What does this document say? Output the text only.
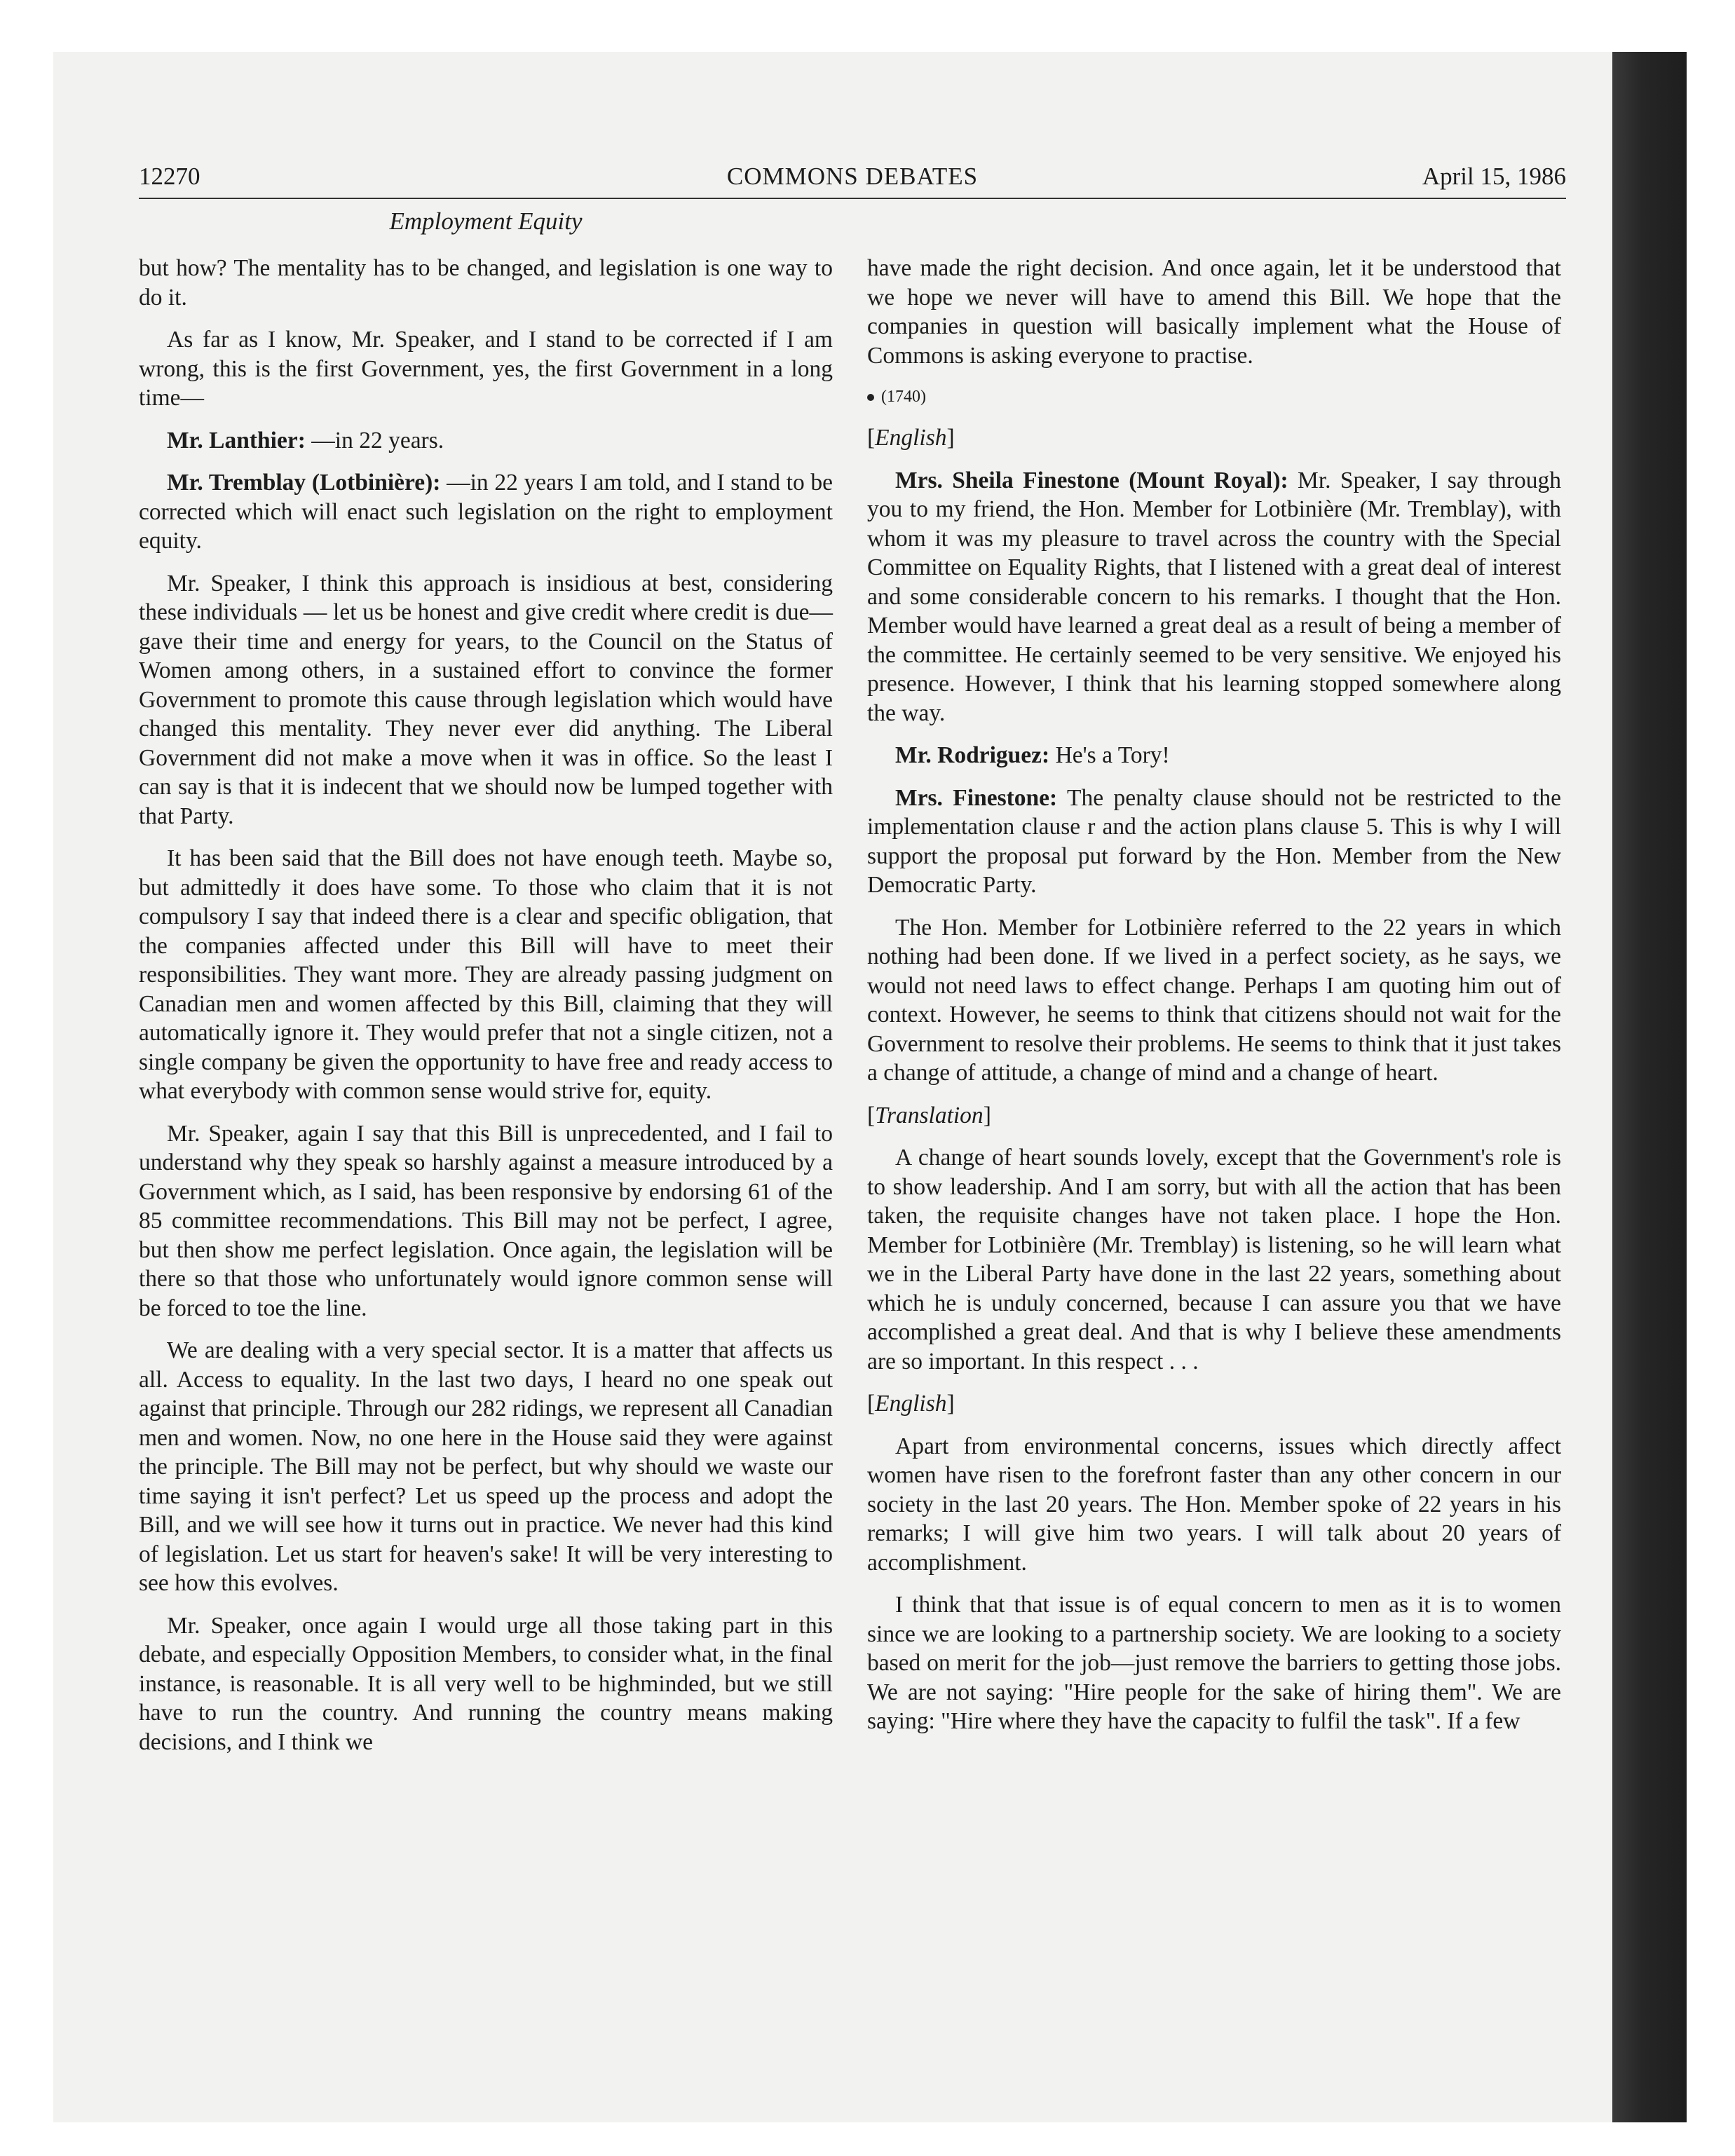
12270	COMMONS DEBATES	April 15, 1986
Employment Equity

but how? The mentality has to be changed, and legislation is one way to do it.

As far as I know, Mr. Speaker, and I stand to be corrected if I am wrong, this is the first Government, yes, the first Government in a long time—

Mr. Lanthier: —in 22 years.

Mr. Tremblay (Lotbinière): —in 22 years I am told, and I stand to be corrected which will enact such legislation on the right to employment equity.

Mr. Speaker, I think this approach is insidious at best, considering these individuals — let us be honest and give credit where credit is due— gave their time and energy for years, to the Council on the Status of Women among others, in a sustained effort to convince the former Government to promote this cause through legislation which would have changed this mentality. They never ever did anything. The Liberal Government did not make a move when it was in office. So the least I can say is that it is indecent that we should now be lumped together with that Party.

It has been said that the Bill does not have enough teeth. Maybe so, but admittedly it does have some. To those who claim that it is not compulsory I say that indeed there is a clear and specific obligation, that the companies affected under this Bill will have to meet their responsibilities. They want more. They are already passing judgment on Canadian men and women affected by this Bill, claiming that they will automatically ignore it. They would prefer that not a single citizen, not a single company be given the opportunity to have free and ready access to what everybody with common sense would strive for, equity.

Mr. Speaker, again I say that this Bill is unprecedented, and I fail to understand why they speak so harshly against a measure introduced by a Government which, as I said, has been responsive by endorsing 61 of the 85 committee recommendations. This Bill may not be perfect, I agree, but then show me perfect legislation. Once again, the legislation will be there so that those who unfortunately would ignore common sense will be forced to toe the line.

We are dealing with a very special sector. It is a matter that affects us all. Access to equality. In the last two days, I heard no one speak out against that principle. Through our 282 ridings, we represent all Canadian men and women. Now, no one here in the House said they were against the principle. The Bill may not be perfect, but why should we waste our time saying it isn't perfect? Let us speed up the process and adopt the Bill, and we will see how it turns out in practice. We never had this kind of legislation. Let us start for heaven's sake! It will be very interesting to see how this evolves.

Mr. Speaker, once again I would urge all those taking part in this debate, and especially Opposition Members, to consider what, in the final instance, is reasonable. It is all very well to be highminded, but we still have to run the country. And running the country means making decisions, and I think we

have made the right decision. And once again, let it be understood that we hope we never will have to amend this Bill. We hope that the companies in question will basically implement what the House of Commons is asking everyone to practise.

(1740)
[English]

Mrs. Sheila Finestone (Mount Royal): Mr. Speaker, I say through you to my friend, the Hon. Member for Lotbinière (Mr. Tremblay), with whom it was my pleasure to travel across the country with the Special Committee on Equality Rights, that I listened with a great deal of interest and some considerable concern to his remarks. I thought that the Hon. Member would have learned a great deal as a result of being a member of the committee. He certainly seemed to be very sensitive. We enjoyed his presence. However, I think that his learning stopped somewhere along the way.

Mr. Rodriguez: He's a Tory!

Mrs. Finestone: The penalty clause should not be restricted to the implementation clause r and the action plans clause 5. This is why I will support the proposal put forward by the Hon. Member from the New Democratic Party.

The Hon. Member for Lotbinière referred to the 22 years in which nothing had been done. If we lived in a perfect society, as he says, we would not need laws to effect change. Perhaps I am quoting him out of context. However, he seems to think that citizens should not wait for the Government to resolve their problems. He seems to think that it just takes a change of attitude, a change of mind and a change of heart.

[Translation]

A change of heart sounds lovely, except that the Government's role is to show leadership. And I am sorry, but with all the action that has been taken, the requisite changes have not taken place. I hope the Hon. Member for Lotbinière (Mr. Tremblay) is listening, so he will learn what we in the Liberal Party have done in the last 22 years, something about which he is unduly concerned, because I can assure you that we have accomplished a great deal. And that is why I believe these amendments are so important. In this respect . . .

[English]

Apart from environmental concerns, issues which directly affect women have risen to the forefront faster than any other concern in our society in the last 20 years. The Hon. Member spoke of 22 years in his remarks; I will give him two years. I will talk about 20 years of accomplishment.

I think that that issue is of equal concern to men as it is to women since we are looking to a partnership society. We are looking to a society based on merit for the job—just remove the barriers to getting those jobs. We are not saying: "Hire people for the sake of hiring them". We are saying: "Hire where they have the capacity to fulfil the task". If a few
